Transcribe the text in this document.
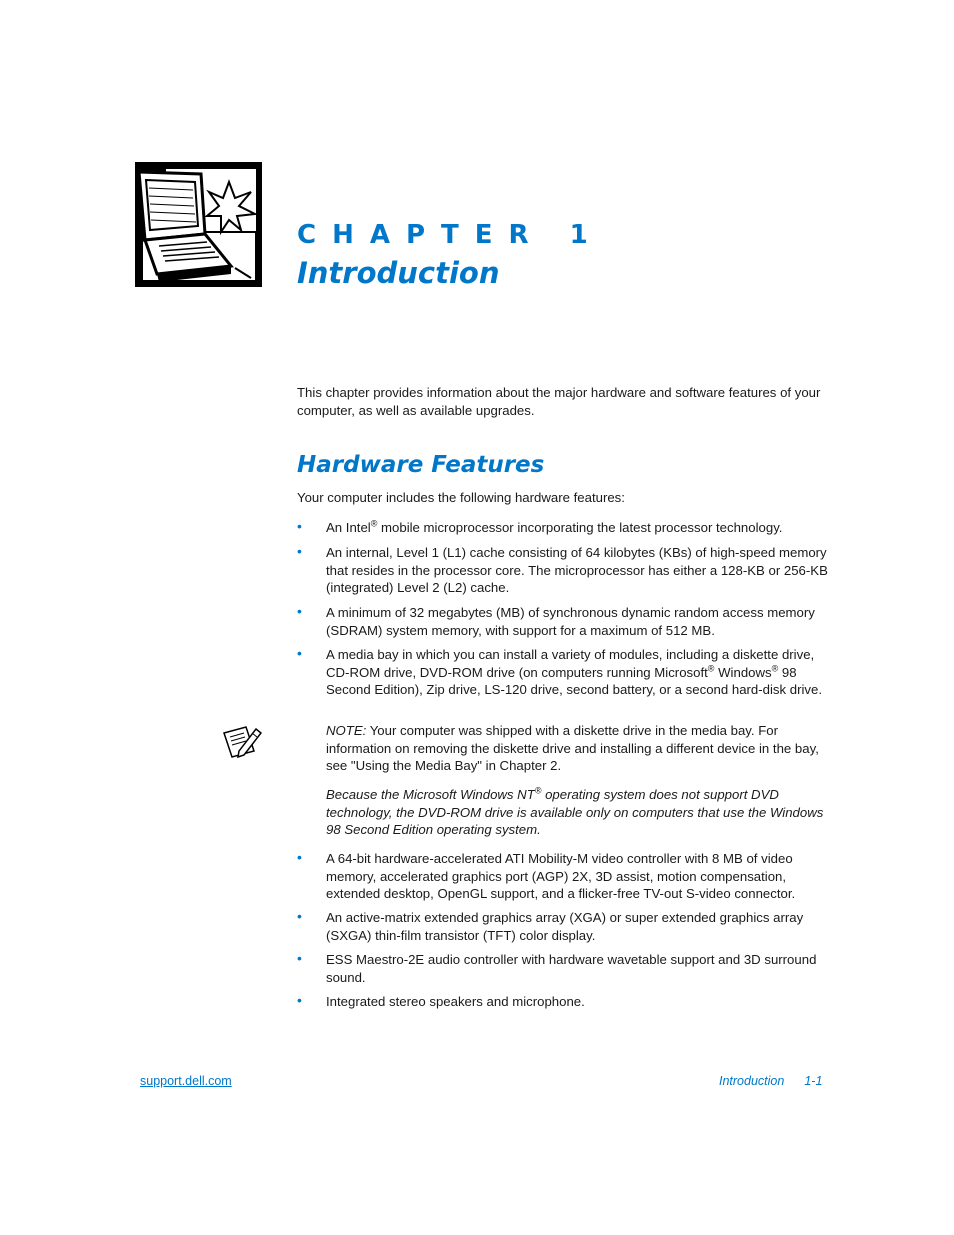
CHAPTER 1
Introduction

This chapter provides information about the major hardware and software features of your computer, as well as available upgrades.

Hardware Features

Your computer includes the following hardware features:

• An Intel® mobile microprocessor incorporating the latest processor technology.
• An internal, Level 1 (L1) cache consisting of 64 kilobytes (KBs) of high-speed memory that resides in the processor core. The microprocessor has either a 128-KB or 256-KB (integrated) Level 2 (L2) cache.
• A minimum of 32 megabytes (MB) of synchronous dynamic random access memory (SDRAM) system memory, with support for a maximum of 512 MB.
• A media bay in which you can install a variety of modules, including a diskette drive, CD-ROM drive, DVD-ROM drive (on computers running Microsoft® Windows® 98 Second Edition), Zip drive, LS-120 drive, second battery, or a second hard-disk drive.

NOTE: Your computer was shipped with a diskette drive in the media bay. For information on removing the diskette drive and installing a different device in the bay, see "Using the Media Bay" in Chapter 2.

Because the Microsoft Windows NT® operating system does not support DVD technology, the DVD-ROM drive is available only on computers that use the Windows 98 Second Edition operating system.

• A 64-bit hardware-accelerated ATI Mobility-M video controller with 8 MB of video memory, accelerated graphics port (AGP) 2X, 3D assist, motion compensation, extended desktop, OpenGL support, and a flicker-free TV-out S-video connector.
• An active-matrix extended graphics array (XGA) or super extended graphics array (SXGA) thin-film transistor (TFT) color display.
• ESS Maestro-2E audio controller with hardware wavetable support and 3D surround sound.
• Integrated stereo speakers and microphone.
support.dell.com	Introduction 1-1
